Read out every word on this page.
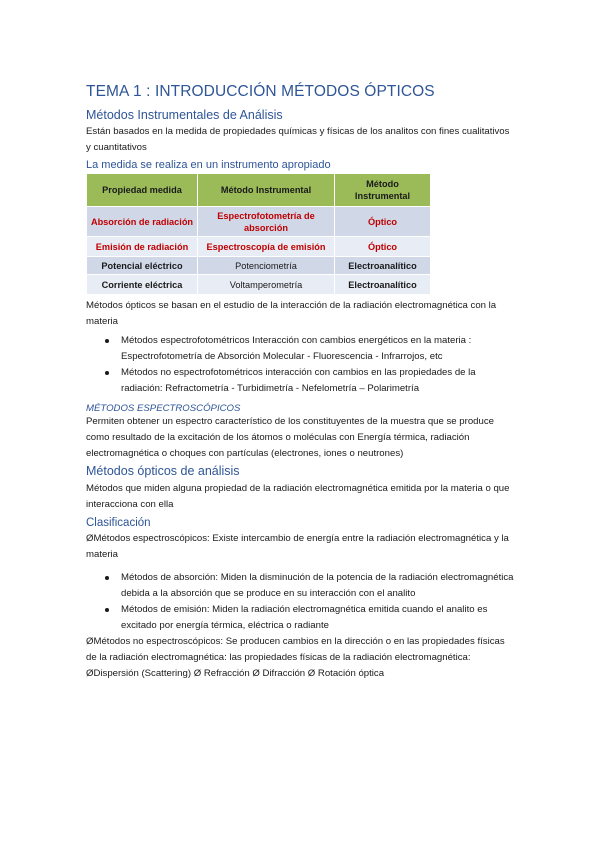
TEMA 1 : INTRODUCCIÓN MÉTODOS ÓPTICOS
Métodos Instrumentales de Análisis

Están basados en la medida de propiedades químicas y físicas de los analitos con fines cualitativos y cuantitativos

La medida se realiza en un instrumento apropiado

Propiedad medida	Método Instrumental	Método Instrumental
Absorción de radiación	Espectrofotometría de absorción	Óptico
Emisión de radiación	Espectroscopía de emisión	Óptico
Potencial eléctrico	Potenciometría	Electroanalítico
Corriente eléctrica	Voltamperometría	Electroanalítico

Métodos ópticos se basan en el estudio de la interacción de la radiación electromagnética con la materia

Métodos espectrofotométricos Interacción con cambios energéticos en la materia : Espectrofotometría de Absorción Molecular - Fluorescencia - Infrarrojos, etc
Métodos no espectrofotométricos interacción con cambios en las propiedades de la radiación: Refractometría - Turbidimetría - Nefelometría – Polarimetría

MÉTODOS ESPECTROSCÓPICOS

Permiten obtener un espectro característico de los constituyentes de la muestra que se produce como resultado de la excitación de los átomos o moléculas con Energía térmica, radiación electromagnética o choques con partículas (electrones, iones o neutrones)

Métodos ópticos de análisis

Métodos que miden alguna propiedad de la radiación electromagnética emitida por la materia o que interacciona con ella

Clasificación

ØMétodos espectroscópicos: Existe intercambio de energía entre la radiación electromagnética y la materia

Métodos de absorción: Miden la disminución de la potencia de la radiación electromagnética debida a la absorción que se produce en su interacción con el analito
Métodos de emisión: Miden la radiación electromagnética emitida cuando el analito es excitado por energía térmica, eléctrica o radiante

ØMétodos no espectroscópicos: Se producen cambios en la dirección o en las propiedades físicas de la radiación electromagnética: las propiedades físicas de la radiación electromagnética: ØDispersión (Scattering) Ø Refracción Ø Difracción Ø Rotación óptica
